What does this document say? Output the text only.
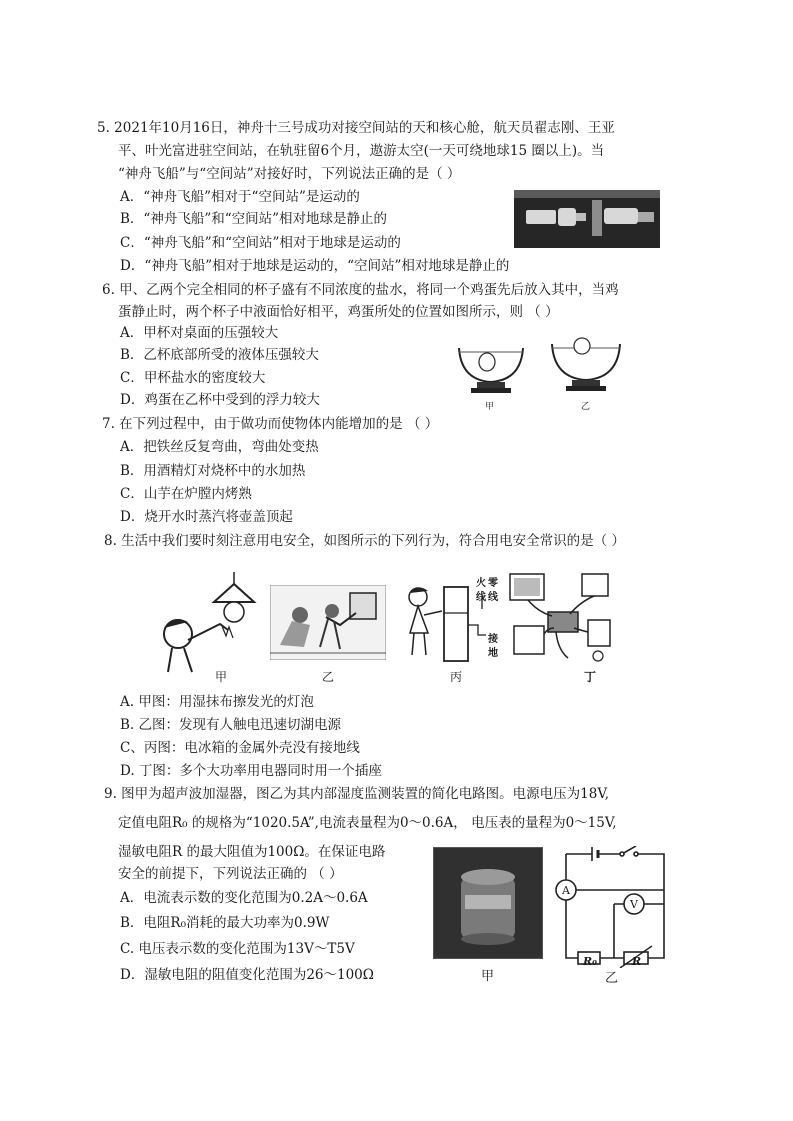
5. 2021年10月16日，神舟十三号成功对接空间站的天和核心舱，航天员翟志刚、王亚
平、叶光富进驻空间站，在轨驻留6个月，遨游太空(一天可绕地球15 圈以上)。当
“神舟飞船”与“空间站”对接好时，下列说法正确的是（ ）
A．“神舟飞船”相对于“空间站”是运动的
B．“神舟飞船”和“空间站”相对地球是静止的
C．“神舟飞船”和“空间站”相对于地球是运动的
D．“神舟飞船”相对于地球是运动的，“空间站”相对地球是静止的
6. 甲、乙两个完全相同的杯子盛有不同浓度的盐水，将同一个鸡蛋先后放入其中，当鸡
蛋静止时，两个杯子中液面恰好相平，鸡蛋所处的位置如图所示，则 （ ）
A．甲杯对桌面的压强较大
B．乙杯底部所受的液体压强较大
C．甲杯盐水的密度较大
D．鸡蛋在乙杯中受到的浮力较大	甲	乙
7. 在下列过程中，由于做功而使物体内能增加的是 （ ）
A．把铁丝反复弯曲，弯曲处变热
B．用酒精灯对烧杯中的水加热
C．山芋在炉膛内烤熟
D．烧开水时蒸汽将壶盖顶起
8. 生活中我们要时刻注意用电安全，如图所示的下列行为，符合用电安全常识的是（ ）
甲	乙
火 零
线 线
接
地
丙	丁
A. 甲图：用湿抹布擦发光的灯泡
B. 乙图：发现有人触电迅速切湖电源
C、丙图：电冰箱的金属外壳没有接地线
D. 丁图：多个大功率用电器同时用一个插座
9. 图甲为超声波加湿器，图乙为其内部湿度监测装置的简化电路图。电源电压为18V,
定值电阻R₀ 的规格为“1020.5A”,电流表量程为0～0.6A， 电压表的量程为0～15V,
湿敏电阻R 的最大阻值为100Ω。在保证电路
安全的前提下，下列说法正确的 （ ）
A．电流表示数的变化范围为0.2A～0.6A
B．电阻R₀消耗的最大功率为0.9W
C. 电压表示数的变化范围为13V～T5V
D．湿敏电阻的阻值变化范围为26～100Ω	甲
A
V
R₀	R
乙
